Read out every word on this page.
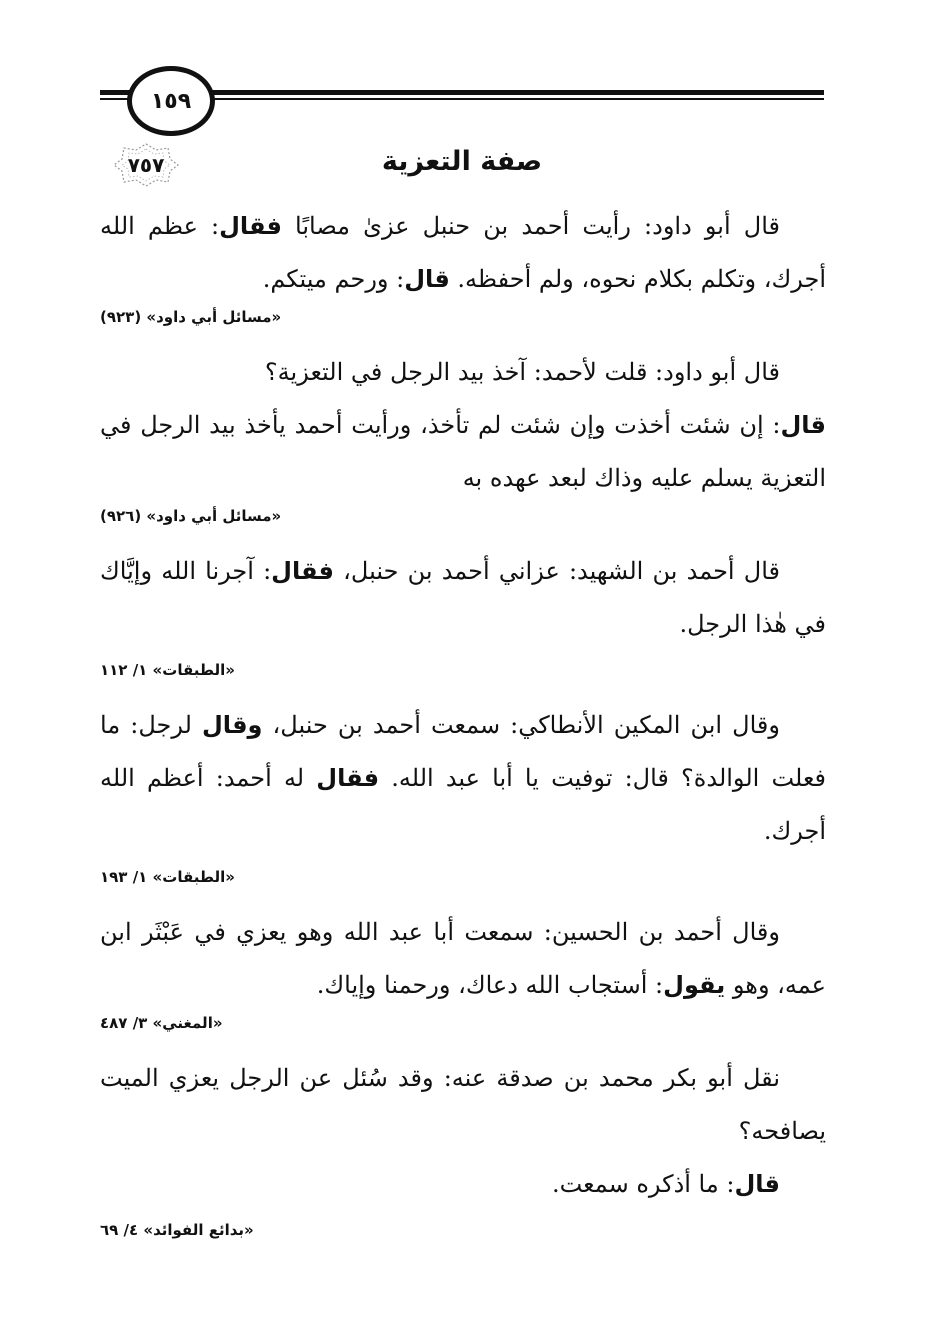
١٥٩
صفة التعزية
٧٥٧

قال أبو داود: رأيت أحمد بن حنبل عزىٰ مصابًا فقال: عظم الله أجرك، وتكلم بكلام نحوه، ولم أحفظه. قال: ورحم ميتكم.

«مسائل أبي داود» (٩٢٣)

قال أبو داود: قلت لأحمد: آخذ بيد الرجل في التعزية؟

قال: إن شئت أخذت وإن شئت لم تأخذ، ورأيت أحمد يأخذ بيد الرجل في التعزية يسلم عليه وذاك لبعد عهده به

«مسائل أبي داود» (٩٢٦)

قال أحمد بن الشهيد: عزاني أحمد بن حنبل، فقال: آجرنا الله وإيَّاك في هٰذا الرجل.

«الطبقات» ١/ ١١٢

وقال ابن المكين الأنطاكي: سمعت أحمد بن حنبل، وقال لرجل: ما فعلت الوالدة؟ قال: توفيت يا أبا عبد الله. فقال له أحمد: أعظم الله أجرك.

«الطبقات» ١/ ١٩٣

وقال أحمد بن الحسين: سمعت أبا عبد الله وهو يعزي في عَبْثَر ابن عمه، وهو يقول: أستجاب الله دعاك، ورحمنا وإياك.

«المغني» ٣/ ٤٨٧

نقل أبو بكر محمد بن صدقة عنه: وقد سُئل عن الرجل يعزي الميت يصافحه؟

قال: ما أذكره سمعت.

«بدائع الفوائد» ٤/ ٦٩
